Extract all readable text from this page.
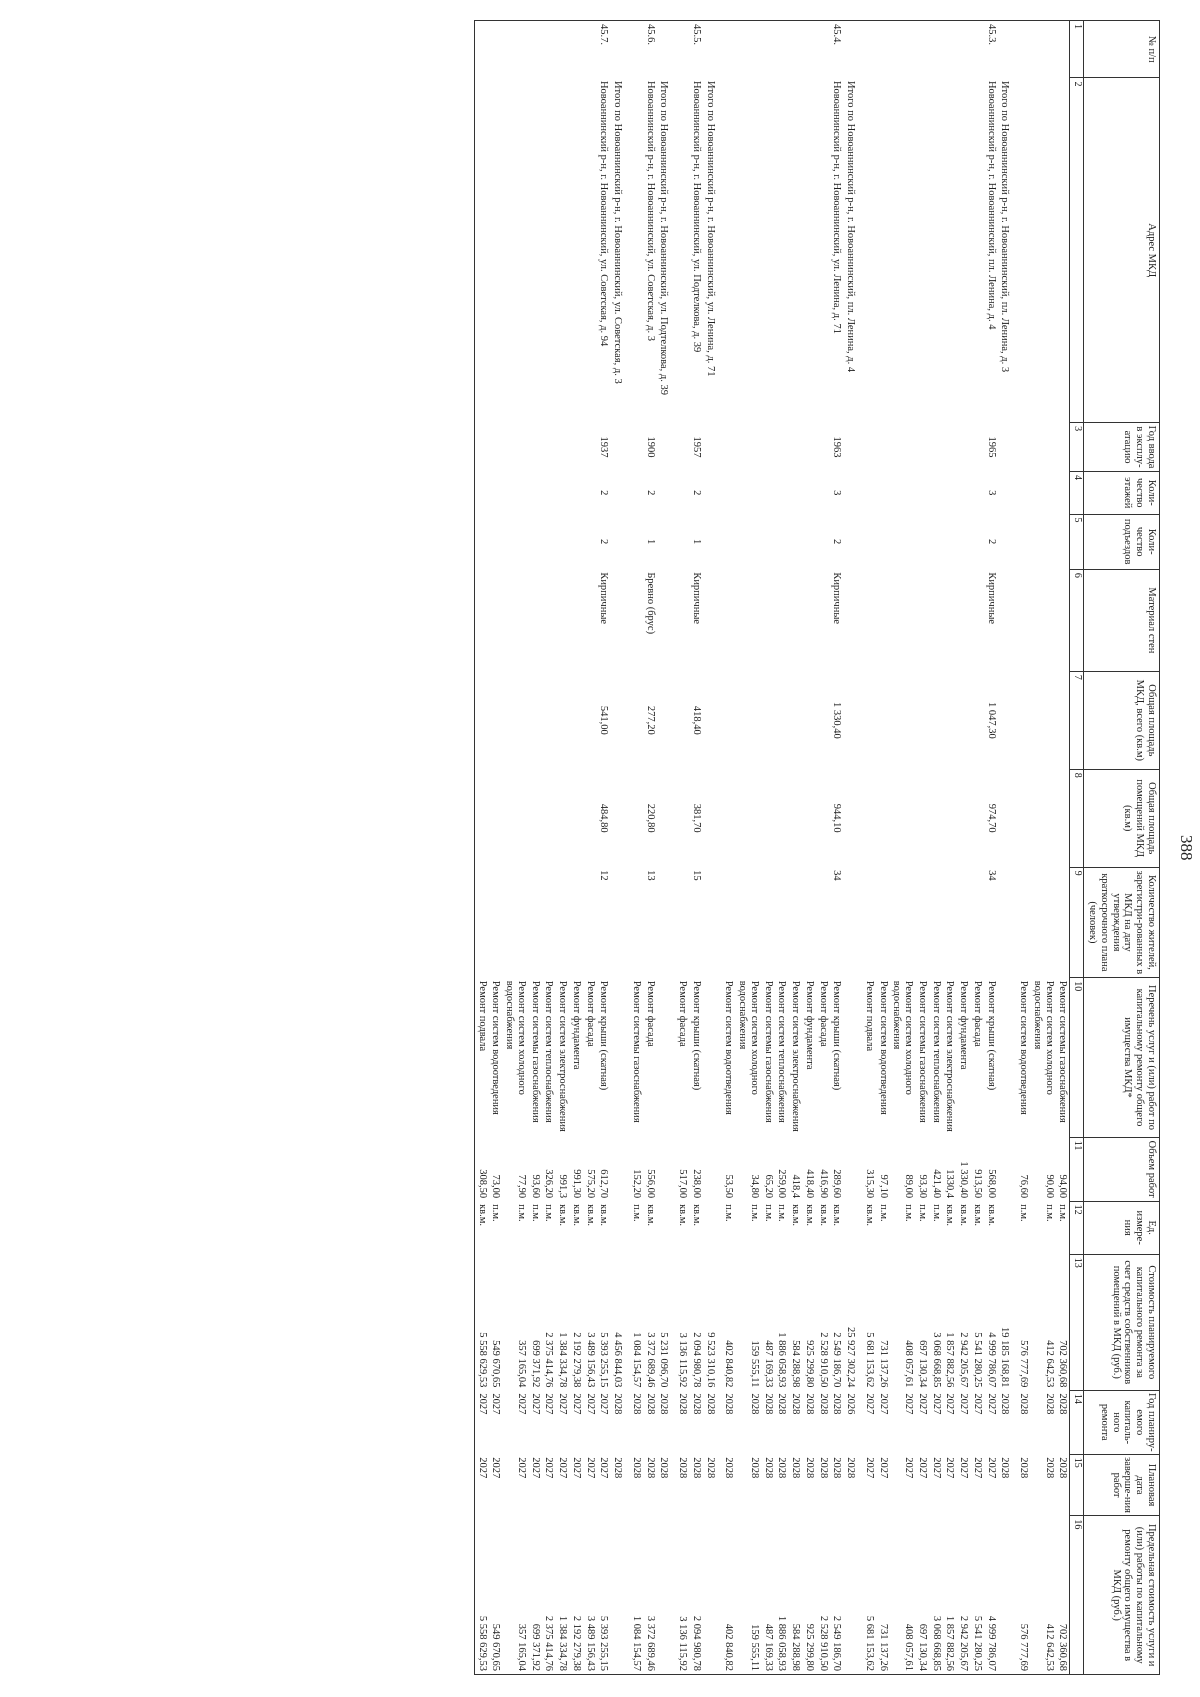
388
№ п/п	Адрес МКД	Год ввода в эксплу-атацию	Коли-чество этажей	Коли-чество подъездов	Материал стен	Общая площадь МКД, всего (кв.м)	Общая площадь помещений МКД (кв.м)	Количество жителей, зарегистри-рованных в МКД на дату утверждения краткосрочного плана (человек)	Перечень услуг и (или) работ по капитальному ремонту общего имущества МКД*	Объем работ	Ед. измере-ния	Стоимость планируемого капитального ремонта за счет средств собственников помещений в МКД (руб.)	Год планиру-емого капиталь-ного ремонта	Плановая дата заверше-ния работ	Предельная стоимость услуги и (или) работы по капитальному ремонту общего имущества в МКД (руб.)
1	2	3	4	5	6	7	8	9	10	11	12	13	14	15	16
									Ремонт системы газоснабжения	94,00	п.м.	702 360,68	2028	2028	702 360,68
									Ремонт систем холодного водоснабжения	90,00	п.м.	412 642,53	2028	2028	412 642,53
									Ремонт систем водоотведения	76,60	п.м.	576 777,69	2028	2028	576 777,69
	Итого по Новоаннинский р-н, г. Новоаннинский, пл. Ленина, д. 3											19 185 168,81	2028	2028	
45.3.	Новоаннинский р-н, г. Новоаннинский, пл. Ленина, д. 4	1965	3	2	Кирпичные	1 047,30	974,70	34	Ремонт крыши (скатная)	568,00	кв.м.	4 999 786,07	2027	2027	4 999 786,07
									Ремонт фасада	913,50	кв.м.	5 541 280,25	2027	2027	5 541 280,25
									Ремонт фундамента	1 330,40	кв.м.	2 942 205,67	2027	2027	2 942 205,67
									Ремонт систем электроснабжения	1330,4	кв.м.	1 857 882,56	2027	2027	1 857 882,56
									Ремонт систем теплоснабжения	421,40	п.м.	3 068 668,85	2027	2027	3 068 668,85
									Ремонт системы газоснабжения	93,30	п.м.	697 130,34	2027	2027	697 130,34
									Ремонт систем холодного водоснабжения	89,00	п.м.	408 057,61	2027	2027	408 057,61
									Ремонт систем водоотведения	97,10	п.м.	731 137,26	2027	2027	731 137,26
									Ремонт подвала	315,30	кв.м.	5 681 153,62	2027	2027	5 681 153,62
	Итого по Новоаннинский р-н, г. Новоаннинский, пл. Ленина, д. 4											25 927 302,24	2026	2028	
45.4.	Новоаннинский р-н, г. Новоаннинский, ул. Ленина, д. 71	1963	3	2	Кирпичные	1 330,40	944,10	34	Ремонт крыши (скатная)	289,60	кв.м.	2 549 186,70	2028	2028	2 549 186,70
									Ремонт фасада	416,90	кв.м.	2 528 910,50	2028	2028	2 528 910,50
									Ремонт фундамента	418,40	кв.м.	925 299,80	2028	2028	925 299,80
									Ремонт систем электроснабжения	418,4	кв.м.	584 288,98	2028	2028	584 288,98
									Ремонт систем теплоснабжения	259,00	п.м.	1 886 058,93	2028	2028	1 886 058,93
									Ремонт системы газоснабжения	65,20	п.м.	487 169,33	2028	2028	487 169,33
									Ремонт систем холодного водоснабжения	34,80	п.м.	159 555,11	2028	2028	159 555,11
									Ремонт систем водоотведения	53,50	п.м.	402 840,82	2028	2028	402 840,82
	Итого по Новоаннинский р-н, г. Новоаннинский, ул. Ленина, д. 71											9 523 310,16	2028	2028	
45.5.	Новоаннинский р-н, г. Новоаннинский, ул. Подтелкова, д. 39	1957	2	1	Кирпичные	418,40	381,70	15	Ремонт крыши (скатная)	238,00	кв.м.	2 094 980,78	2028	2028	2 094 980,78
									Ремонт фасада	517,00	кв.м.	3 136 115,92	2028	2028	3 136 115,92
	Итого по Новоаннинский р-н, г. Новоаннинский, ул. Подтелкова, д. 39											5 231 096,70	2028	2028	
45.6.	Новоаннинский р-н, г. Новоаннинский, ул. Советская, д. 3	1900	2	1	Бревно (брус)	277,20	220,80	13	Ремонт фасада	556,00	кв.м.	3 372 689,46	2028	2028	3 372 689,46
									Ремонт системы газоснабжения	152,20	п.м.	1 084 154,57	2028	2028	1 084 154,57
	Итого по Новоаннинский р-н, г. Новоаннинский, ул. Советская, д. 3											4 456 844,03	2028	2028	
45.7.	Новоаннинский р-н, г. Новоаннинский, ул. Советская, д. 94	1937	2	2	Кирпичные	541,00	484,80	12	Ремонт крыши (скатная)	612,70	кв.м.	5 393 255,15	2027	2027	5 393 255,15
									Ремонт фасада	575,20	кв.м.	3 489 156,43	2027	2027	3 489 156,43
									Ремонт фундамента	991,30	кв.м.	2 192 279,38	2027	2027	2 192 279,38
									Ремонт систем электроснабжения	991,3	кв.м.	1 384 334,78	2027	2027	1 384 334,78
									Ремонт систем теплоснабжения	326,20	п.м.	2 375 414,76	2027	2027	2 375 414,76
									Ремонт системы газоснабжения	93,60	п.м.	699 371,92	2027	2027	699 371,92
									Ремонт систем холодного водоснабжения	77,90	п.м.	357 165,04	2027	2027	357 165,04
									Ремонт систем водоотведения	73,00	п.м.	549 670,65	2027	2027	549 670,65
									Ремонт подвала	308,50	кв.м.	5 558 629,53	2027	2027	5 558 629,53
